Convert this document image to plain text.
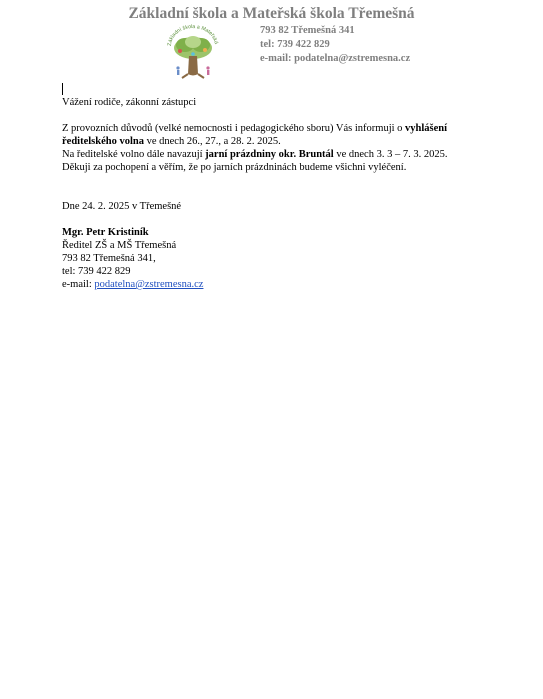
Základní škola a Mateřská škola Třemešná
Základní škola a Mateřská
793 82 Třemešná 341
tel: 739 422 829
e-mail: podatelna@zstremesna.cz

Vážení rodiče, zákonní zástupci

Z provozních důvodů (velké nemocnosti i pedagogického sboru) Vás informuji o vyhlášení

ředitelského volna ve dnech 26., 27., a 28. 2. 2025.

Na ředitelské volno dále navazují jarní prázdniny okr. Bruntál ve dnech 3. 3 – 7. 3. 2025.

Děkuji za pochopení a věřím, že po jarních prázdninách budeme všichni vyléčení.

Dne 24. 2. 2025 v Třemešné

Mgr. Petr Kristiník

Ředitel ZŠ a MŠ Třemešná

793 82 Třemešná 341,

tel: 739 422 829

e-mail: podatelna@zstremesna.cz
